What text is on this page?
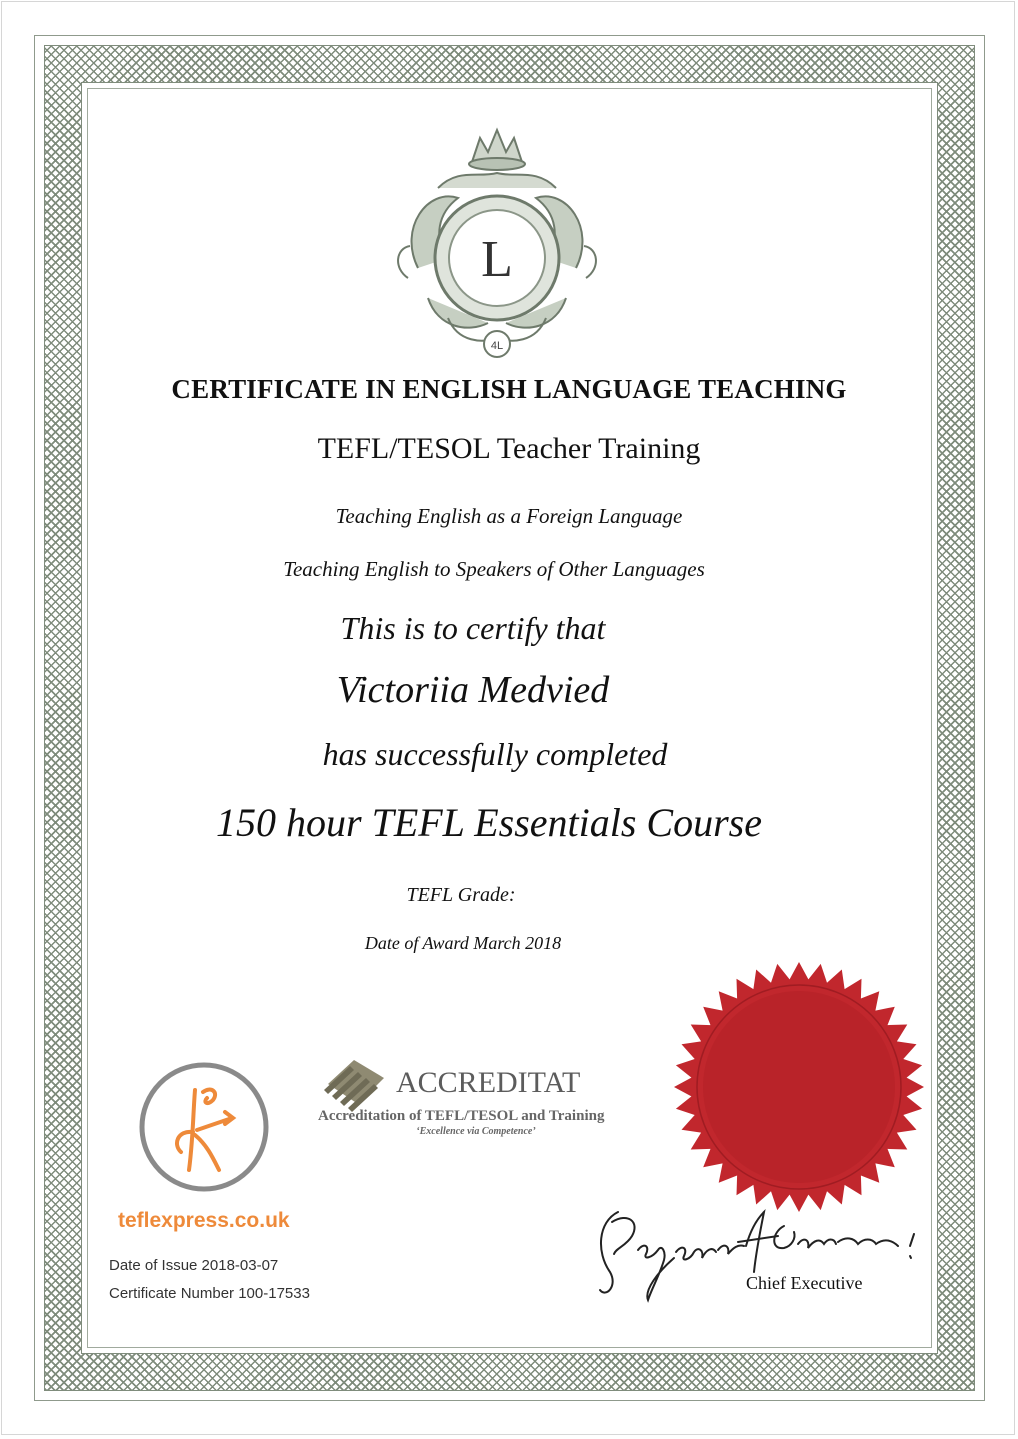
L
4L
CERTIFICATE IN ENGLISH LANGUAGE TEACHING
TEFL/TESOL Teacher Training
Teaching English as a Foreign Language
Teaching English to Speakers of Other Languages
This is to certify that
Victoriia Medvied
has successfully completed
150 hour TEFL Essentials Course
TEFL Grade:
Date of Award March 2018
teflexpress.co.uk
Date of Issue 2018-03-07
Certificate Number 100-17533
ACCREDITAT
Accreditation of TEFL/TESOL and Training
‘Excellence via Competence’
Chief Executive
